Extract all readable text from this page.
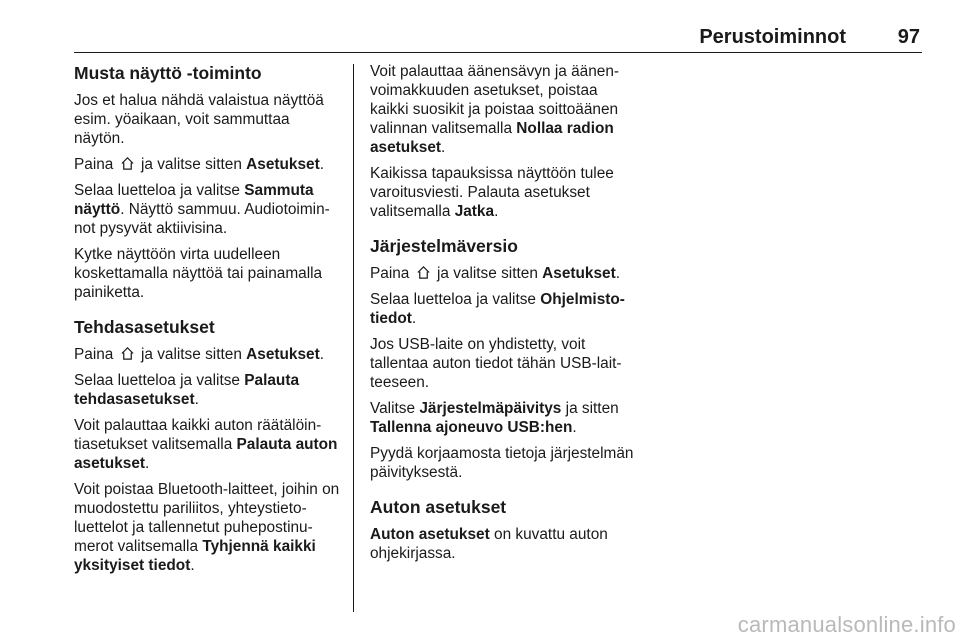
Perustoiminnot	97
Musta näyttö -toiminto

Jos et halua nähdä valaistua näyttöä esim. yöaikaan, voit sammuttaa näytön.

Paina ja valitse sitten Asetukset.

Selaa luetteloa ja valitse Sammuta näyttö. Näyttö sammuu. Audiotoiminnot pysyvät aktiivisina.

Kytke näyttöön virta uudelleen koskettamalla näyttöä tai painamalla painiketta.

Tehdasasetukset

Paina ja valitse sitten Asetukset.

Selaa luetteloa ja valitse Palauta tehdasasetukset.

Voit palauttaa kaikki auton räätälöintiasetukset valitsemalla Palauta auton asetukset.

Voit poistaa Bluetooth-laitteet, joihin on muodostettu pariliitos, yhteystietoluettelot ja tallennetut puhepostinumerot valitsemalla Tyhjennä kaikki yksityiset tiedot.

Voit palauttaa äänensävyn ja äänenvoimakkuuden asetukset, poistaa kaikki suosikit ja poistaa soittoäänen valinnan valitsemalla Nollaa radion asetukset.

Kaikissa tapauksissa näyttöön tulee varoitusviesti. Palauta asetukset valitsemalla Jatka.

Järjestelmäversio

Paina ja valitse sitten Asetukset.

Selaa luetteloa ja valitse Ohjelmistotiedot.

Jos USB-laite on yhdistetty, voit tallentaa auton tiedot tähän USB-laitteeseen.

Valitse Järjestelmäpäivitys ja sitten Tallenna ajoneuvo USB:hen.

Pyydä korjaamosta tietoja järjestelmän päivityksestä.

Auton asetukset

Auton asetukset on kuvattu auton ohjekirjassa.

carmanualsonline.info
